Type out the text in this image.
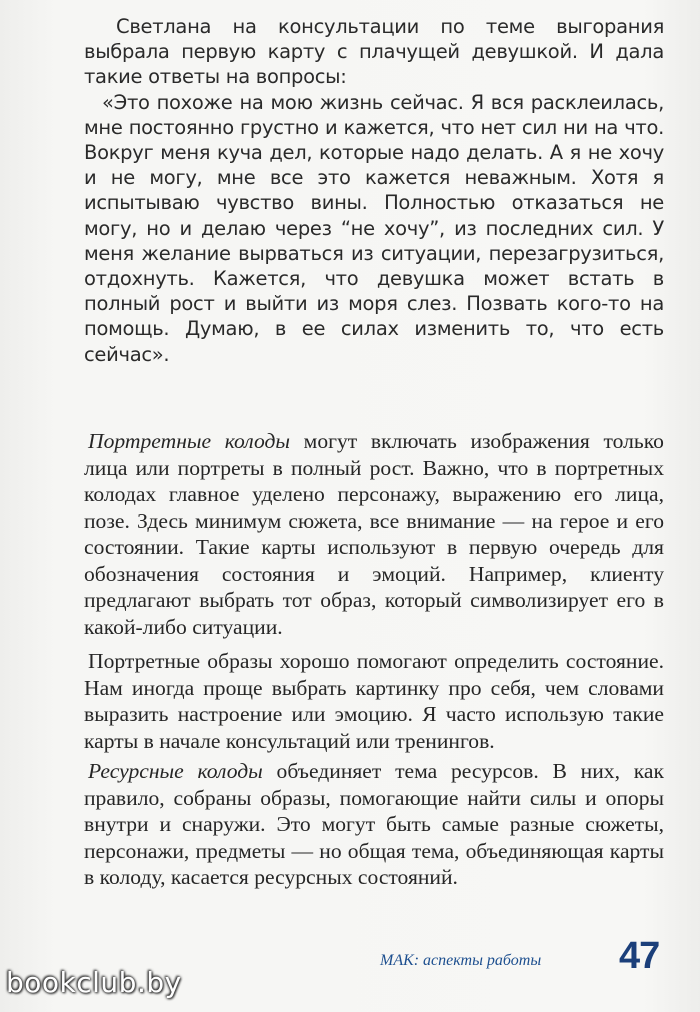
Светлана на консультации по теме выгорания выбрала первую карту с плачущей девушкой. И дала такие ответы на вопросы:

«Это похоже на мою жизнь сейчас. Я вся расклеилась, мне постоянно грустно и кажется, что нет сил ни на что. Вокруг меня куча дел, которые надо делать. А я не хочу и не могу, мне все это кажется неважным. Хотя я испытываю чувство вины. Полностью отказаться не могу, но и делаю через “не хочу”, из последних сил. У меня желание вырваться из ситуации, перезагрузиться, отдохнуть. Кажется, что девушка может встать в полный рост и выйти из моря слез. Позвать кого-то на помощь. Думаю, в ее силах изменить то, что есть сейчас».

Портретные колоды могут включать изображения только лица или портреты в полный рост. Важно, что в портретных колодах главное уделено персонажу, выражению его лица, позе. Здесь минимум сюжета, все внимание — на герое и его состоянии. Такие карты используют в первую очередь для обозначения состояния и эмоций. Например, клиенту предлагают выбрать тот образ, который символизирует его в какой-либо ситуации.

Портретные образы хорошо помогают определить состояние. Нам иногда проще выбрать картинку про себя, чем словами выразить настроение или эмоцию. Я часто использую такие карты в начале консультаций или тренингов.

Ресурсные колоды объединяет тема ресурсов. В них, как правило, собраны образы, помогающие найти силы и опоры внутри и снаружи. Это могут быть самые разные сюжеты, персонажи, предметы — но общая тема, объединяющая карты в колоду, касается ресурсных состояний.

МАК: аспекты работы 47
bookclub.by
